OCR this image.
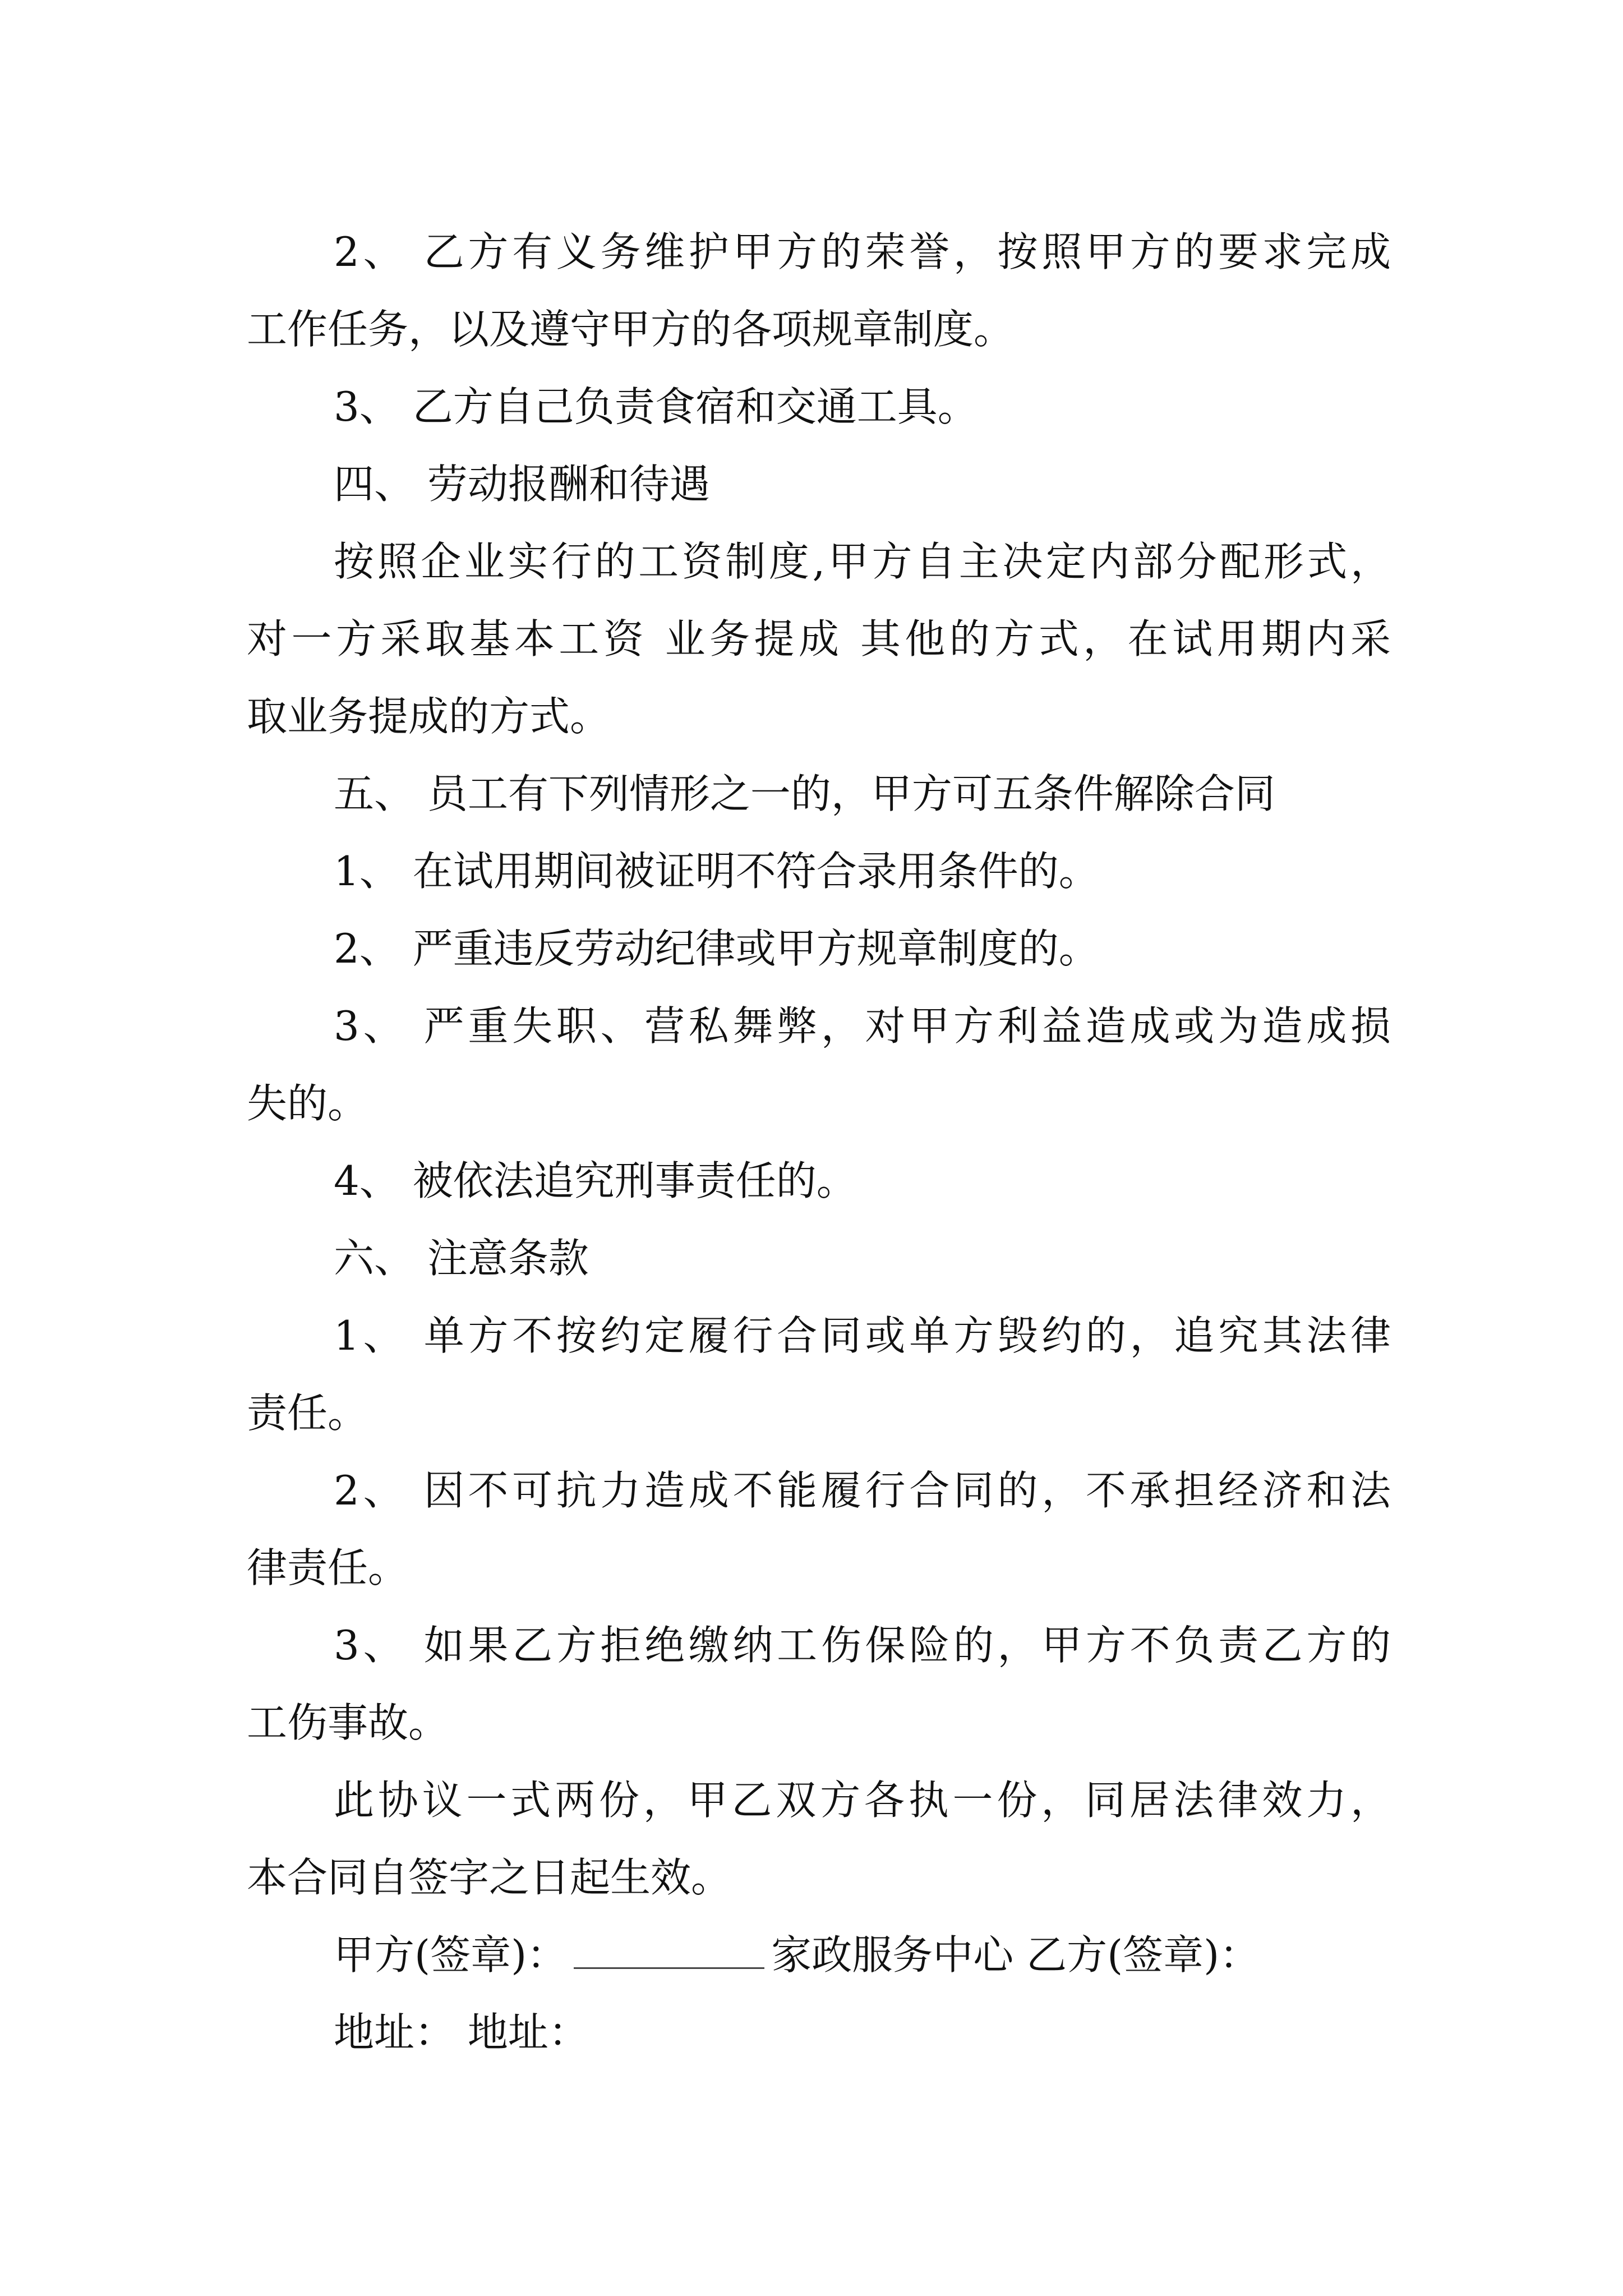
2、 乙方有义务维护甲方的荣誉，按照甲方的要求完成
工作任务，以及遵守甲方的各项规章制度。
3、 乙方自己负责食宿和交通工具。
四、 劳动报酬和待遇
按照企业实行的工资制度,甲方自主决定内部分配形式，
对一方采取基本工资 业务提成 其他的方式，在试用期内采
取业务提成的方式。
五、 员工有下列情形之一的，甲方可五条件解除合同
1、 在试用期间被证明不符合录用条件的。
2、 严重违反劳动纪律或甲方规章制度的。
3、 严重失职、营私舞弊，对甲方利益造成或为造成损
失的。
4、 被依法追究刑事责任的。
六、 注意条款
1、 单方不按约定履行合同或单方毁约的，追究其法律
责任。
2、 因不可抗力造成不能履行合同的，不承担经济和法
律责任。
3、 如果乙方拒绝缴纳工伤保险的，甲方不负责乙方的
工伤事故。
此协议一式两份，甲乙双方各执一份，同居法律效力，
本合同自签字之日起生效。
甲方(签章)：	家政服务中心 乙方(签章)：
地址： 地址：
